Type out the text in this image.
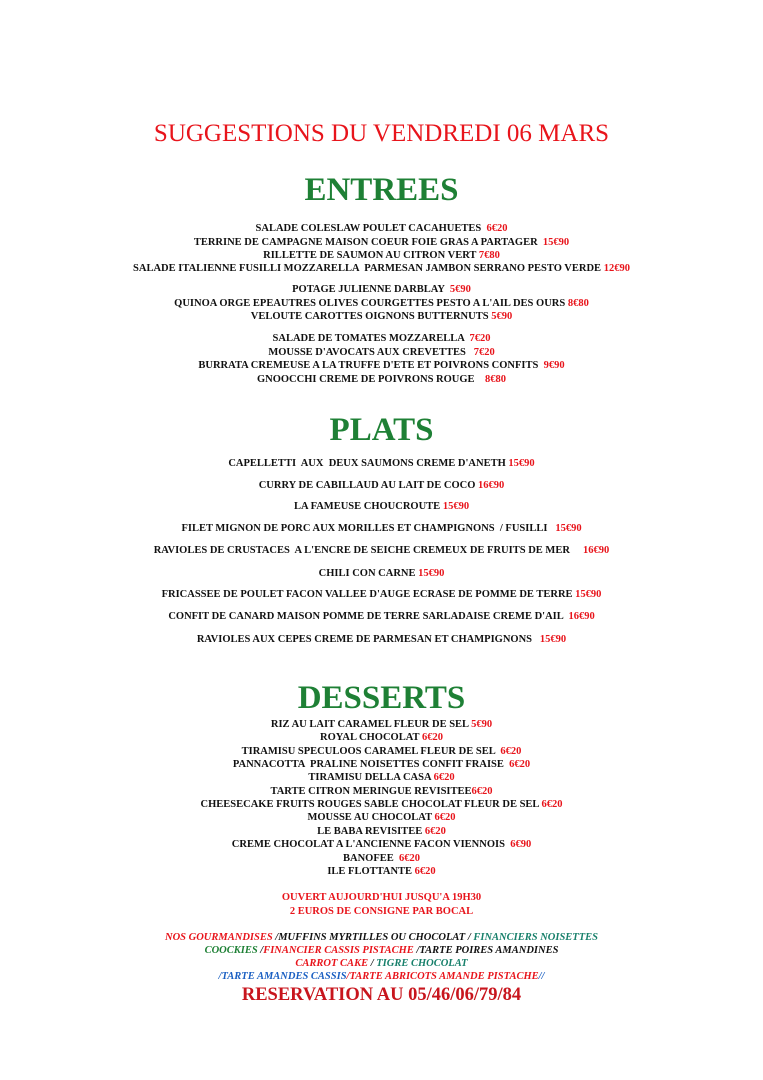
SUGGESTIONS DU VENDREDI 06 MARS
ENTREES
SALADE COLESLAW POULET CACAHUETES  6€20
TERRINE DE CAMPAGNE MAISON COEUR FOIE GRAS A PARTAGER  15€90
RILLETTE DE SAUMON AU CITRON VERT 7€80
SALADE ITALIENNE FUSILLI MOZZARELLA  PARMESAN JAMBON SERRANO PESTO VERDE 12€90
POTAGE JULIENNE DARBLAY  5€90
QUINOA ORGE EPEAUTRES OLIVES COURGETTES PESTO A L'AIL DES OURS 8€80
VELOUTE CAROTTES OIGNONS BUTTERNUTS 5€90
SALADE DE TOMATES MOZZARELLA  7€20
MOUSSE D'AVOCATS AUX CREVETTES   7€20
BURRATA CREMEUSE A LA TRUFFE D'ETE ET POIVRONS CONFITS  9€90
GNOOCCHI CREME DE POIVRONS ROUGE    8€80
PLATS
CAPELLETTI  AUX  DEUX SAUMONS CREME D'ANETH 15€90
CURRY DE CABILLAUD AU LAIT DE COCO 16€90
LA FAMEUSE CHOUCROUTE 15€90
FILET MIGNON DE PORC AUX MORILLES ET CHAMPIGNONS  / FUSILLI   15€90
RAVIOLES DE CRUSTACES  A L'ENCRE DE SEICHE CREMEUX DE FRUITS DE MER     16€90
CHILI CON CARNE 15€90
FRICASSEE DE POULET FACON VALLEE D'AUGE ECRASE DE POMME DE TERRE 15€90
CONFIT DE CANARD MAISON POMME DE TERRE SARLADAISE CREME D'AIL  16€90
RAVIOLES AUX CEPES CREME DE PARMESAN ET CHAMPIGNONS   15€90
DESSERTS
RIZ AU LAIT CARAMEL FLEUR DE SEL 5€90
ROYAL CHOCOLAT 6€20
TIRAMISU SPECULOOS CARAMEL FLEUR DE SEL  6€20
PANNACOTTA  PRALINE NOISETTES CONFIT FRAISE  6€20
TIRAMISU DELLA CASA 6€20
TARTE CITRON MERINGUE REVISITEE6€20
CHEESECAKE FRUITS ROUGES SABLE CHOCOLAT FLEUR DE SEL 6€20
MOUSSE AU CHOCOLAT 6€20
LE BABA REVISITEE 6€20
CREME CHOCOLAT A L'ANCIENNE FACON VIENNOIS  6€90
BANOFEE  6€20
ILE FLOTTANTE 6€20
OUVERT AUJOURD'HUI JUSQU'A 19H30
2 EUROS DE CONSIGNE PAR BOCAL
NOS GOURMANDISES /MUFFINS MYRTILLES OU CHOCOLAT / FINANCIERS NOISETTES
COOCKIES /FINANCIER CASSIS PISTACHE /TARTE POIRES AMANDINES
CARROT CAKE / TIGRE CHOCOLAT
/TARTE AMANDES CASSIS/TARTE ABRICOTS AMANDE PISTACHE//
RESERVATION AU 05/46/06/79/84
